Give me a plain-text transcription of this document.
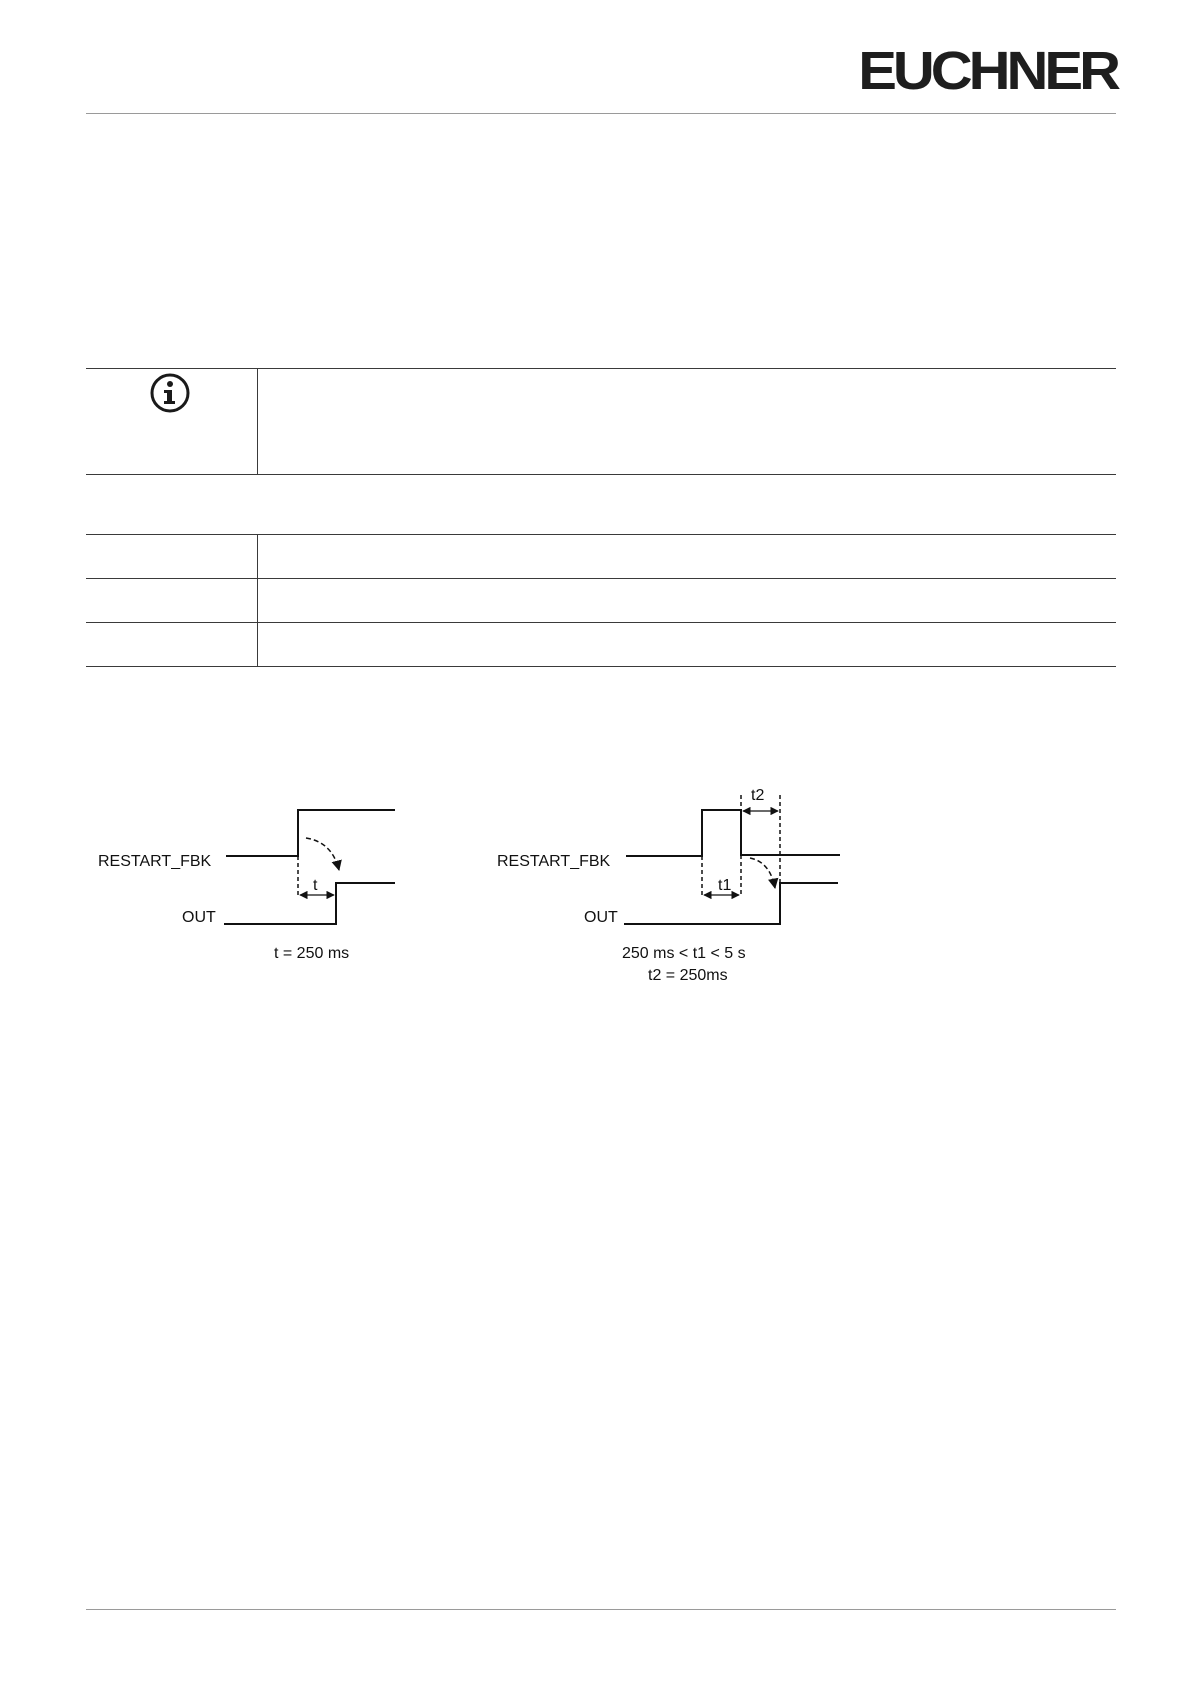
EUCHNER
RESTART_FBK
OUT
t
t = 250 ms
RESTART_FBK
OUT
t1
t2
250 ms < t1 < 5 s
t2 = 250ms
